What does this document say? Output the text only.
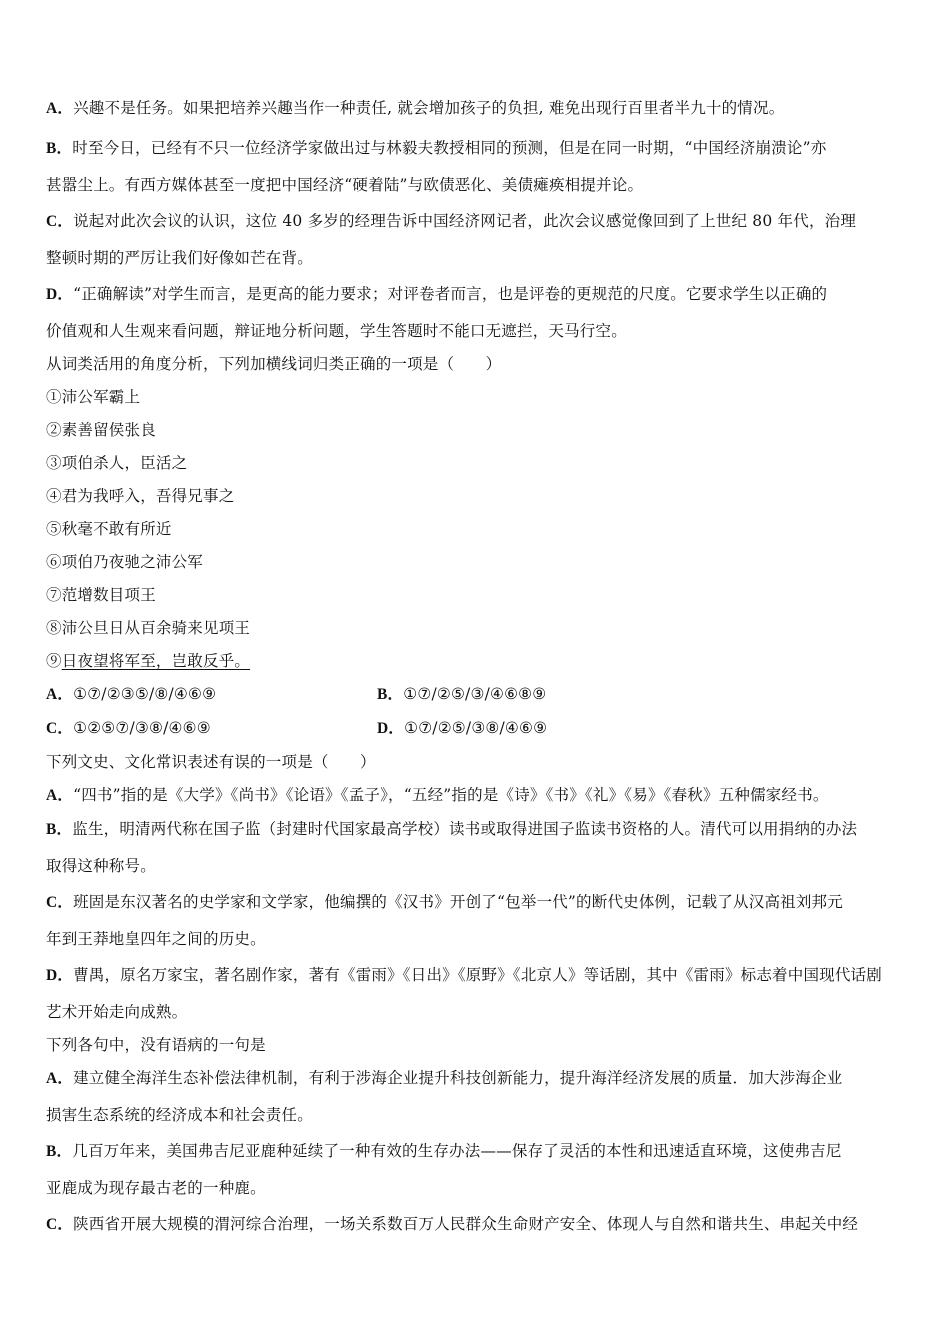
A．兴趣不是任务。如果把培养兴趣当作一种责任, 就会增加孩子的负担, 难免出现行百里者半九十的情况。
B．时至今日，已经有不只一位经济学家做出过与林毅夫教授相同的预测，但是在同一时期，“中国经济崩溃论”亦
甚嚣尘上。有西方媒体甚至一度把中国经济“硬着陆”与欧债恶化、美债瘫痪相提并论。
C．说起对此次会议的认识，这位 40 多岁的经理告诉中国经济网记者，此次会议感觉像回到了上世纪 80 年代，治理
整顿时期的严厉让我们好像如芒在背。
D．“正确解读”对学生而言，是更高的能力要求；对评卷者而言，也是评卷的更规范的尺度。它要求学生以正确的
价值观和人生观来看问题，辩证地分析问题，学生答题时不能口无遮拦，天马行空。
从词类活用的角度分析，下列加横线词归类正确的一项是（　　）
①沛公军霸上
②素善留侯张良
③项伯杀人，臣活之
④君为我呼入，吾得兄事之
⑤秋毫不敢有所近
⑥项伯乃夜驰之沛公军
⑦范增数目项王
⑧沛公旦日从百余骑来见项王
⑨日夜望将军至，岂敢反乎。
A．①⑦/②③⑤/⑧/④⑥⑨	B．①⑦/②⑤/③/④⑥⑧⑨
C．①②⑤⑦/③⑧/④⑥⑨	D．①⑦/②⑤/③⑧/④⑥⑨
下列文史、文化常识表述有误的一项是（　　）
A．“四书”指的是《大学》《尚书》《论语》《孟子》，“五经”指的是《诗》《书》《礼》《易》《春秋》五种儒家经书。
B．监生，明清两代称在国子监（封建时代国家最高学校）读书或取得进国子监读书资格的人。清代可以用捐纳的办法
取得这种称号。
C．班固是东汉著名的史学家和文学家，他编撰的《汉书》开创了“包举一代”的断代史体例，记载了从汉高祖刘邦元
年到王莽地皇四年之间的历史。
D．曹禺，原名万家宝，著名剧作家，著有《雷雨》《日出》《原野》《北京人》等话剧，其中《雷雨》标志着中国现代话剧
艺术开始走向成熟。
下列各句中，没有语病的一句是
A．建立健全海洋生态补偿法律机制，有利于涉海企业提升科技创新能力，提升海洋经济发展的质量．加大涉海企业
损害生态系统的经济成本和社会责任。
B．几百万年来，美国弗吉尼亚鹿种延续了一种有效的生存办法——保存了灵活的本性和迅速适直环境，这使弗吉尼
亚鹿成为现存最古老的一种鹿。
C．陕西省开展大规模的渭河综合治理，一场关系数百万人民群众生命财产安全、体现人与自然和谐共生、串起关中经
